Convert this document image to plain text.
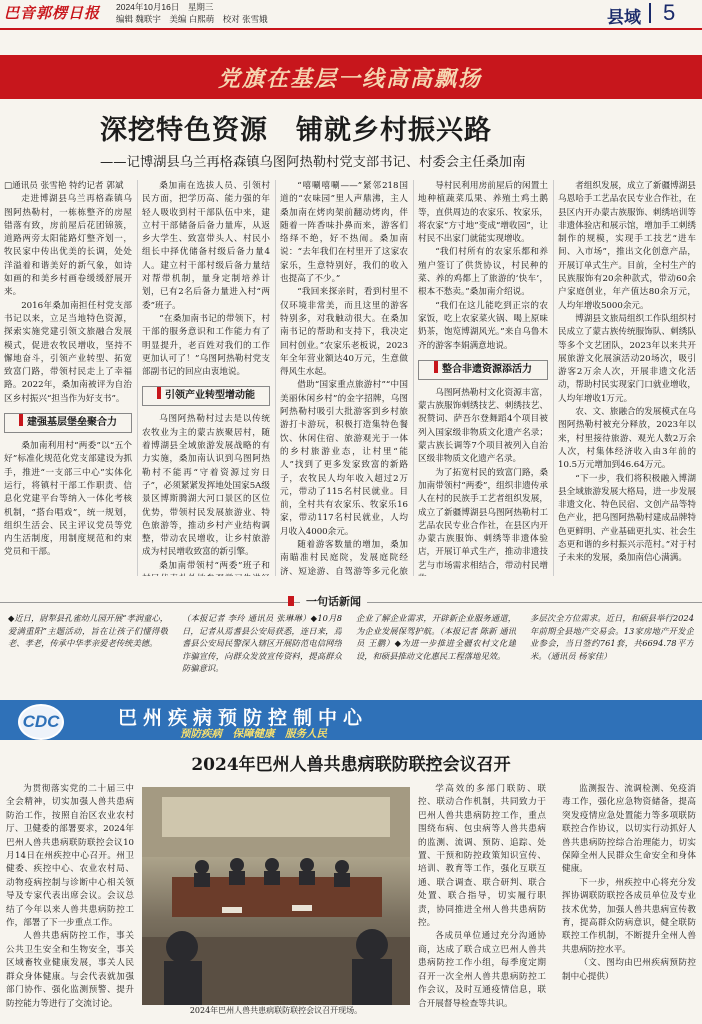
巴音郭楞日报 2024年10月16日　星期三
编辑 魏联宇　美编 白熙萌　校对 张雪娥	县域 5
党旗在基层一线高高飘扬
深挖特色资源　铺就乡村振兴路
——记博湖县乌兰再格森镇乌图阿热勒村党支部书记、村委会主任桑加南

□通讯员 张雪艳 特约记者 郭斌

走进博湖县乌兰再格森镇乌图阿热勒村，一栋栋整齐的房屋错落有致，房前屋后花团锦簇，道路两旁太阳能路灯整齐划一，牧民家中传出优美的长调，处处洋溢着和谐美好的新气象，如诗如画的和美乡村画卷缓缓舒展开来。

2016年桑加南担任村党支部书记以来，立足当地特色资源，探索实施党建引领文旅融合发展模式，促进农牧民增收，坚持不懈地奋斗，引领产业转型、拓宽致富门路，带领村民走上了幸福路。2022年，桑加南被评为自治区乡村振兴“担当作为好支书”。

建强基层堡垒聚合力

桑加南利用村“两委”以“五个好”标准化规范化党支部建设为抓手，推进“一支部三中心”实体化运行，将镇村干部工作职责、信息化党建平台等纳入一体化考核机制，“搭台唱戏”，统一规划，组织生活会、民主评议党员等党内生活制度，用制度规范和约束党员和干部。

桑加南在选拔人员、引领村民方面，把学历高、能力强的年轻人吸收到村干部队伍中来，建立村干部储备后备力量库，从返乡大学生、致富带头人、村民小组长中择优储备村级后备力量4人。建立村干部村级后备力量结对帮带机制，量身定制培养计划，已有2名后备力量进入村“两委”班子。

“在桑加南书记的带领下，村干部的服务意识和工作能力有了明显提升，老百姓对我们的工作更加认可了！”乌图阿热勒村党支部副书记的回应由衷地说。

引领产业转型增动能

乌图阿热勒村过去是以传统农牧业为主的蒙古族聚居村，随着博湖县全域旅游发展战略的有力实施，桑加南认识到乌图阿热勒村不能再“守着资源过穷日子”，必须紧紧发挥地处国家5A级景区博斯腾湖大河口景区的区位优势，带领村民发展旅游业、特色旅游等，推动乡村产业结构调整，带动农民增收，让乡村旅游成为村民增收致富的新引擎。

桑加南带领村“两委”班子和

“嘻唰嘻唰——”紧邻218国道的“农味园”里人声鼎沸，主人桑加南在烤肉架前翻动烤肉，伴随着一阵香味扑鼻而来，游客们络绎不绝，好不热闹。桑加南说：“去年我们在村里开了这家农家乐，生意特别好，我们的收入也提高了不少。”

“我回来探亲时，看到村里不仅环境非常美，而且这里的游客特别多，对我触动很大。在桑加南书记的帮助和支持下，我决定回村创业。”农家乐老板说，2023年全年营业额达40万元，生意做得风生水起。

借助“国家重点旅游村”“中国美丽休闲乡村”的金字招牌，乌图阿热勒村吸引大批游客到乡村旅游打卡游玩，积极打造集特色餐饮、休闲住宿、旅游观光于一体的乡村旅游业态，让村里“能人”找到了更多发家致富的新路子，农牧民人均年收入超过2万元，带动了115名村民就业。目前，全村共有农家乐、牧家乐16家，带动117名村民就业，人均月收入4000余元。

随着游客数量的增加，桑加南瞄准村民庭院，发展庭院经济、短途游、自驾游等多元化旅

导村民利用房前屋后的闲置土地种植蔬菜瓜果、养殖土鸡土鹅等，直供周边的农家乐、牧家乐，将农家“方寸地”变成“增收园”，让村民不出家门就能实现增收。

“我们村所有的农家乐都和养殖户签订了供货协议，村民种的菜、养的鸡都上了旅游的‘快车’，根本不愁卖。”桑加南介绍说。

“我们在这儿能吃到正宗的农家饭，吃上农家菜火锅、喝上原味奶茶，饱览博湖风光。”来自乌鲁木齐的游客李娟满意地说。

整合非遗资源添活力

乌图阿热勒村文化资源丰富，蒙古族服饰刺绣技艺、刺绣技艺、祝赞词、萨吾尔登舞蹈4个项目被列入国家级非物质文化遗产名录；蒙古族长调等7个项目被列入自治区级非物质文化遗产名录。

为了拓宽村民的致富门路，桑加南带领村“两委”，组织非遗传承人在村的民族手工艺者组织发展，成立了新疆博湖县乌图阿热勒村工艺品农民专业合作社，在县区内开办蒙古族服饰、刺绣等非遗体验店，开展订单式生产，推动非遗技艺与市场需求相结合，带动村民增

者组织发展，成立了新疆博湖县乌恩哈手工艺品农民专业合作社，在县区内开办蒙古族服饰、刺绣培训等非遗体验店和展示馆，增加手工刺绣制作的规模，实现手工技艺“进车间、入市场”，推出文化创意产品，开展订单式生产。目前，全村生产的民族服饰有20余种款式，带动60余户家庭创业，年产值达80余万元，人均年增收5000余元。

博湖县文旅局组织工作队组织村民成立了蒙古族传统服饰队、刺绣队等多个文艺团队，2023年以来共开展旅游文化展演活动20场次，吸引游客2万余人次，开展非遗文化活动，帮助村民实现家门口就业增收，人均年增收1万元。

农、文、旅融合的发展模式在乌图阿热勒村被充分释放，2023年以来，村里接待旅游、观光人数2万余人次，村集体经济收入由3年前的10.5万元增加到46.64万元。

“下一步，我们将积极融入博湖县全域旅游发展大格局，进一步发展非遗文化、特色民宿、文创产品等特色产业，把乌图阿热勒村建成品牌特色更鲜明、产业基础更扎实、社会生态更和谐的乡村振兴示范村。”对于村子未来的发展，桑加南信心满满。

一句话新闻

◆近日，尉犁县孔雀幼儿园开展“孝润童心，爱满重阳”主题活动，旨在让孩子们懂得敬老、孝老，传承中华孝亲爱老传统美德。

（本报记者 李玲 通讯员 张琳琳）◆10月8日，记者从焉耆县公安局获悉，连日来，焉耆县公安局民警深入辖区开展防范电信网络诈骗宣传，向群众发放宣传资料，提高群众防骗意识。

企业了解企业需求，开辟新企业服务通道，为企业发展保驾护航。（本报记者 陈新 通讯员 王鹏）◆为进一步推进全疆农村文化建设，和硕县推动文化惠民工程落地见效。

多层次全方位需求。近日，和硕县举行2024年前期全县地产交易会。13家房地产开发企业参会，当日签约761套，共6694.78平方米。（通讯员 杨家佳）

CDC	巴州疾病预防控制中心
预防疾病　保障健康　服务人民
2024年巴州人兽共患病联防联控会议召开

为贯彻落实党的二十届三中全会精神，切实加强人兽共患病防治工作，按照自治区农业农村厅、卫健委的部署要求，2024年巴州人兽共患病联防联控会议10月14日在州疾控中心召开。州卫健委、疾控中心、农业农村局、动物疫病控制与诊断中心相关领导及专家代表出席会议。会议总结了今年以来人兽共患病防控工作，部署了下一步重点工作。

人兽共患病防控工作，事关公共卫生安全和生物安全，事关区域畜牧业健康发展，事关人民群众身体健康。与会代表就加强部门协作、强化监测预警、提升防控能力等进行了交流讨论。

2024年巴州人兽共患病联防联控会议召开现场。

学高效的多部门联防、联控、联动合作机制，共同致力于巴州人兽共患病防控工作，重点围绕布病、包虫病等人兽共患病的监测、流调、预防、追踪、处置、干预和防控政策知识宣传、培训、教育等工作，强化互联互通、联合调查、联合研判、联合处置、联合指导，切实履行职责，协同推进全州人兽共患病防控。

各成员单位通过充分沟通协商，达成了联合成立巴州人兽共患病防控工作小组，每季度定期召开一次全州人兽共患病防控工作会议，及时互通疫情信息，联合开展督导检查等共识。

监测报告、流调检测、免疫消毒工作，强化应急物资储备，提高突发疫情应急处置能力等多项联防联控合作协议，以切实行动抓好人兽共患病防控综合治理能力，切实保障全州人民群众生命安全和身体健康。

下一步，州疾控中心将充分发挥协调联防联控各成员单位及专业技术优势，加强人兽共患病宣传教育，提高群众防病意识，健全联防联控工作机制，不断提升全州人兽共患病防控水平。

（文、图均由巴州疾病预防控制中心提供）
